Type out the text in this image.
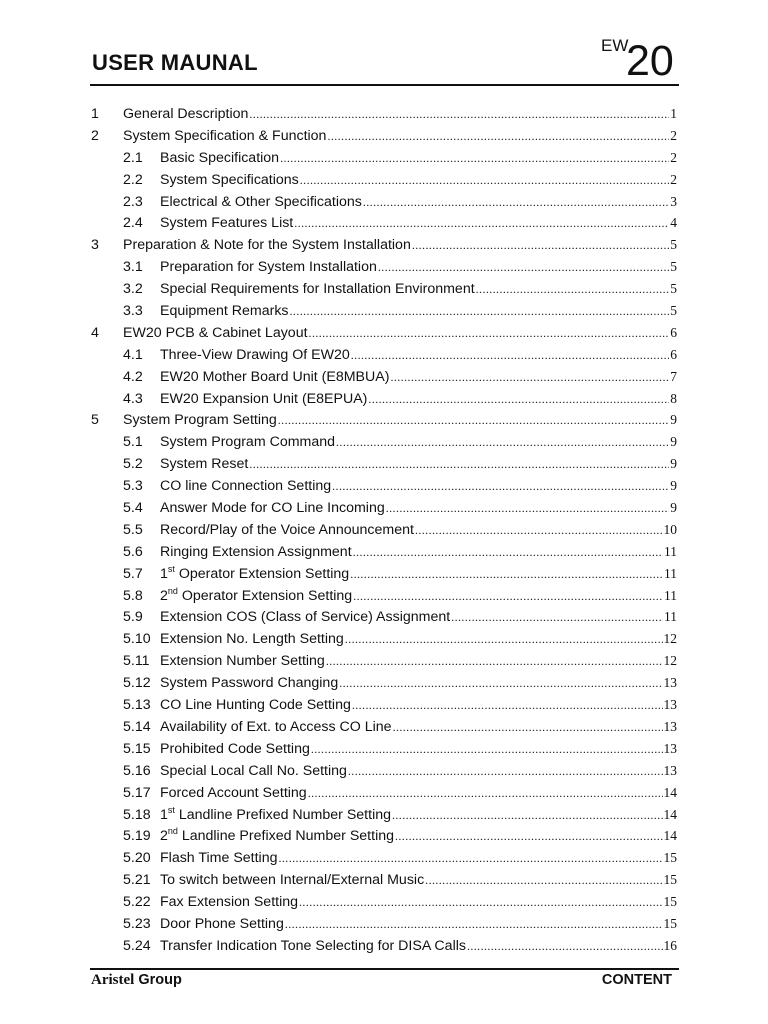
USER MAUNAL
EW
20
1	General Description .....	1
2	System Specification & Function .....	2
2.1	Basic Specification .....	2
2.2	System Specifications .....	2
2.3	Electrical & Other Specifications .....	3
2.4	System Features List .....	4
3	Preparation & Note for the System Installation .....	5
3.1	Preparation for System Installation .....	5
3.2	Special Requirements for Installation Environment .....	5
3.3	Equipment Remarks .....	5
4	EW20 PCB & Cabinet Layout .....	6
4.1	Three-View Drawing Of EW20 .....	6
4.2	EW20 Mother Board Unit (E8MBUA) .....	7
4.3	EW20 Expansion Unit (E8EPUA) .....	8
5	System Program Setting .....	9
5.1	System Program Command .....	9
5.2	System Reset .....	9
5.3	CO line Connection Setting .....	9
5.4	Answer Mode for CO Line Incoming .....	9
5.5	Record/Play of the Voice Announcement .....	10
5.6	Ringing Extension Assignment .....	11
5.7	1st Operator Extension Setting .....	11
5.8	2nd Operator Extension Setting .....	11
5.9	Extension COS (Class of Service) Assignment .....	11
5.10 Extension No. Length Setting .....	12
5.11 Extension Number Setting .....	12
5.12 System Password Changing .....	13
5.13 CO Line Hunting Code Setting .....	13
5.14 Availability of Ext. to Access CO Line .....	13
5.15 Prohibited Code Setting .....	13
5.16 Special Local Call No. Setting .....	13
5.17 Forced Account Setting .....	14
5.18 1st Landline Prefixed Number Setting .....	14
5.19 2nd Landline Prefixed Number Setting .....	14
5.20 Flash Time Setting .....	15
5.21 To switch between Internal/External Music .....	15
5.22 Fax Extension Setting .....	15
5.23 Door Phone Setting .....	15
5.24 Transfer Indication Tone Selecting for DISA Calls .....	16
Aristel Group	CONTENT
